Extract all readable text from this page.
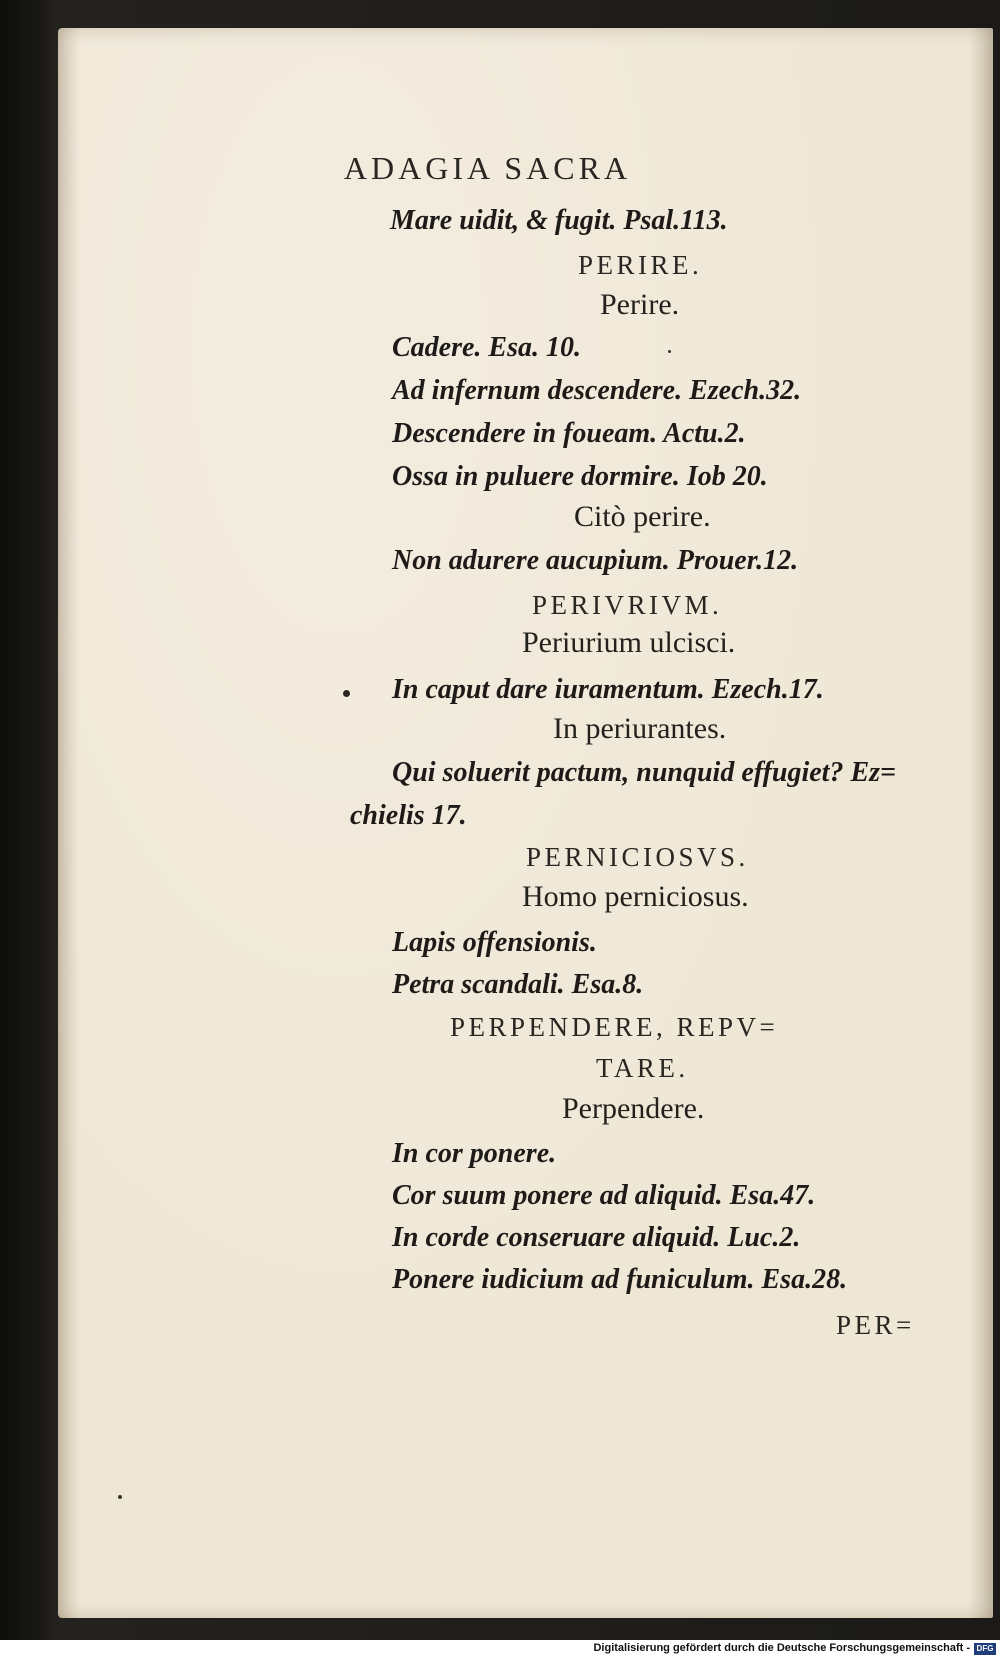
ADAGIA SACRA
Mare uidit, & fugit. Psal.113.
PERIRE.
Perire.
Cadere. Esa. 10.
Ad infernum descendere. Ezech.32.
Descendere in foueam. Actu.2.
Ossa in puluere dormire. Iob 20.
Citò perire.
Non adurere aucupium. Prouer.12.
PERIVRIVM.
Periurium ulcisci.
In caput dare iuramentum. Ezech.17.
In periurantes.
Qui soluerit pactum, nunquid effugiet? Ez=
chielis 17.
PERNICIOSVS.
Homo perniciosus.
Lapis offensionis.
Petra scandali. Esa.8.
PERPENDERE, REPV=
TARE.
Perpendere.
In cor ponere.
Cor suum ponere ad aliquid. Esa.47.
In corde conseruare aliquid. Luc.2.
Ponere iudicium ad funiculum. Esa.28.
PER=
Digitalisierung gefördert durch die Deutsche Forschungsgemeinschaft - DFG
